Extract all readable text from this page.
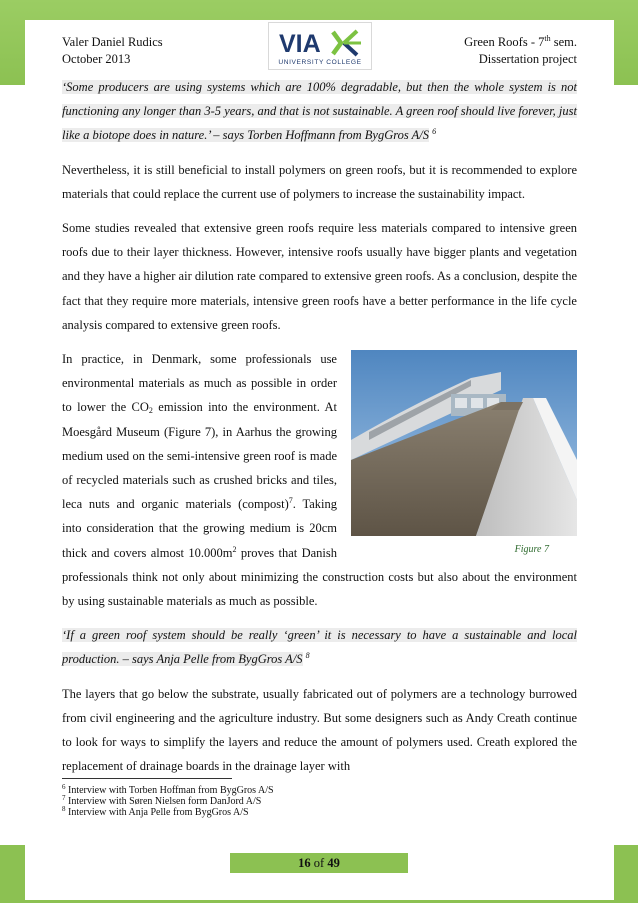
Valer Daniel Rudics
October 2013
Green Roofs - 7th sem.
Dissertation project
VIA
UNIVERSITY COLLEGE

‘Some producers are using systems which are 100% degradable, but then the whole system is not functioning any longer than 3-5 years, and that is not sustainable. A green roof should live forever, just like a biotope does in nature.’ – says Torben Hoffmann from BygGros A/S $^6$

Nevertheless, it is still beneficial to install polymers on green roofs, but it is recommended to explore materials that could replace the current use of polymers to increase the sustainability impact.

Some studies revealed that extensive green roofs require less materials compared to intensive green roofs due to their layer thickness. However, intensive roofs usually have bigger plants and vegetation and they have a higher air dilution rate compared to extensive green roofs. As a conclusion, despite the fact that they require more materials, intensive green roofs have a better performance in the life cycle analysis compared to extensive green roofs.

Figure 7

In practice, in Denmark, some professionals use environmental materials as much as possible in order to lower the $CO_2$ emission into the environment. At Moesgård Museum (Figure 7), in Aarhus the growing medium used on the semi-intensive green roof is made of recycled materials such as crushed bricks and tiles, leca nuts and organic materials (compost)$^7$. Taking into consideration that the growing medium is 20cm thick and covers almost $10.000m^2$ proves that Danish professionals think not only about minimizing the construction costs but also about the environment by using sustainable materials as much as possible.

‘If a green roof system should be really ‘green’ it is necessary to have a sustainable and local production. – says Anja Pelle from BygGros A/S $^8$

The layers that go below the substrate, usually fabricated out of polymers are a technology burrowed from civil engineering and the agriculture industry. But some designers such as Andy Creath continue to look for ways to simplify the layers and reduce the amount of polymers used. Creath explored the replacement of drainage boards in the drainage layer with

$^6$ Interview with Torben Hoffman from BygGros A/S
$^7$ Interview with Søren Nielsen form DanJord A/S
$^8$ Interview with Anja Pelle from BygGros A/S
16 of 49
